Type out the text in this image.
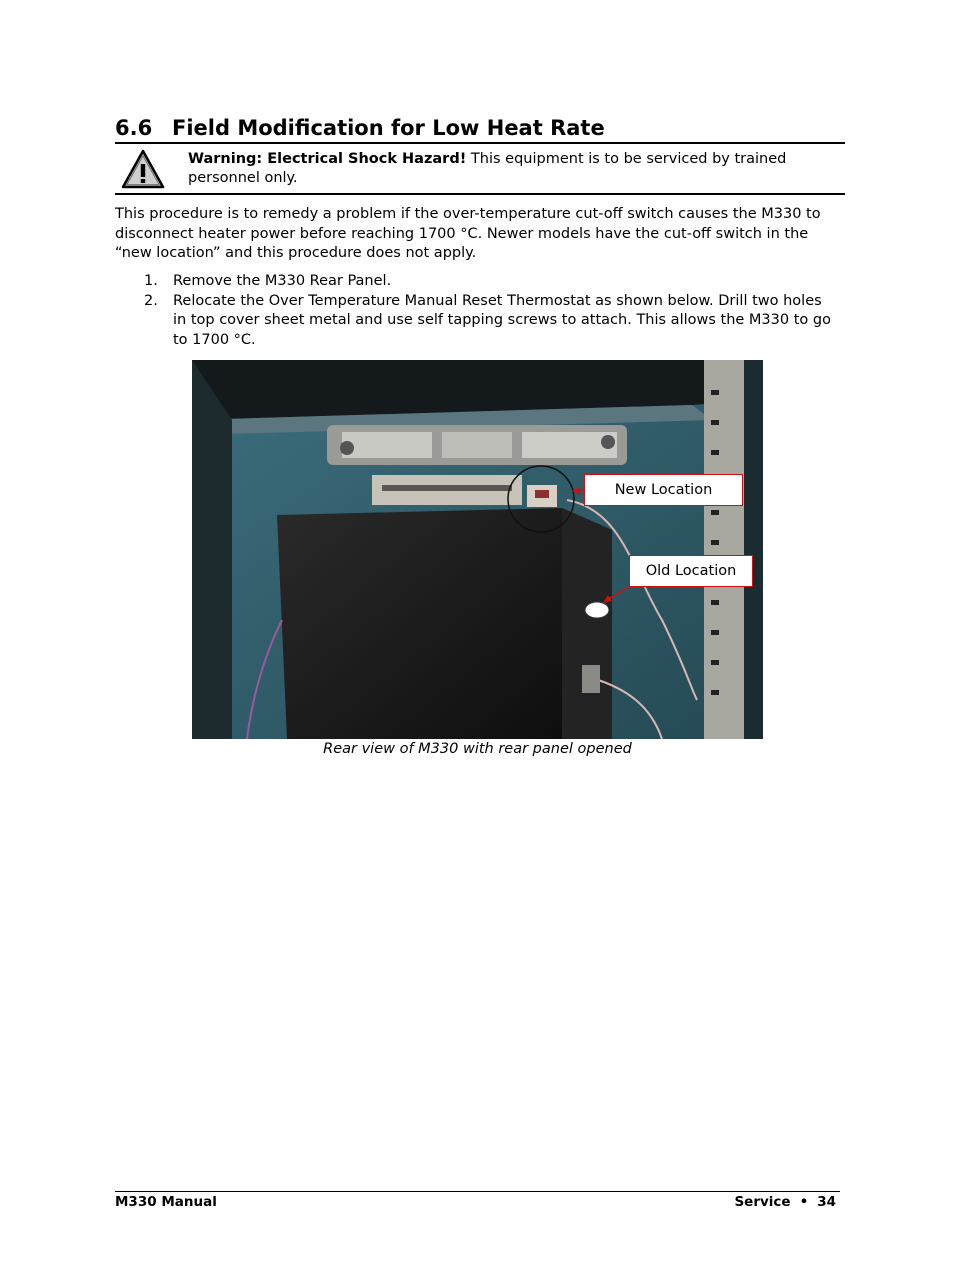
6.6 Field Modification for Low Heat Rate
Warning: Electrical Shock Hazard! This equipment is to be serviced by trained personnel only.

This procedure is to remedy a problem if the over-temperature cut-off switch causes the M330 to disconnect heater power before reaching 1700 °C. Newer models have the cut-off switch in the “new location” and this procedure does not apply.

1. Remove the M330 Rear Panel.
2. Relocate the Over Temperature Manual Reset Thermostat as shown below. Drill two holes in top cover sheet metal and use self tapping screws to attach. This allows the M330 to go to 1700 °C.
New Location
Old Location
Rear view of M330 with rear panel opened
M330 Manual	Service • 34
